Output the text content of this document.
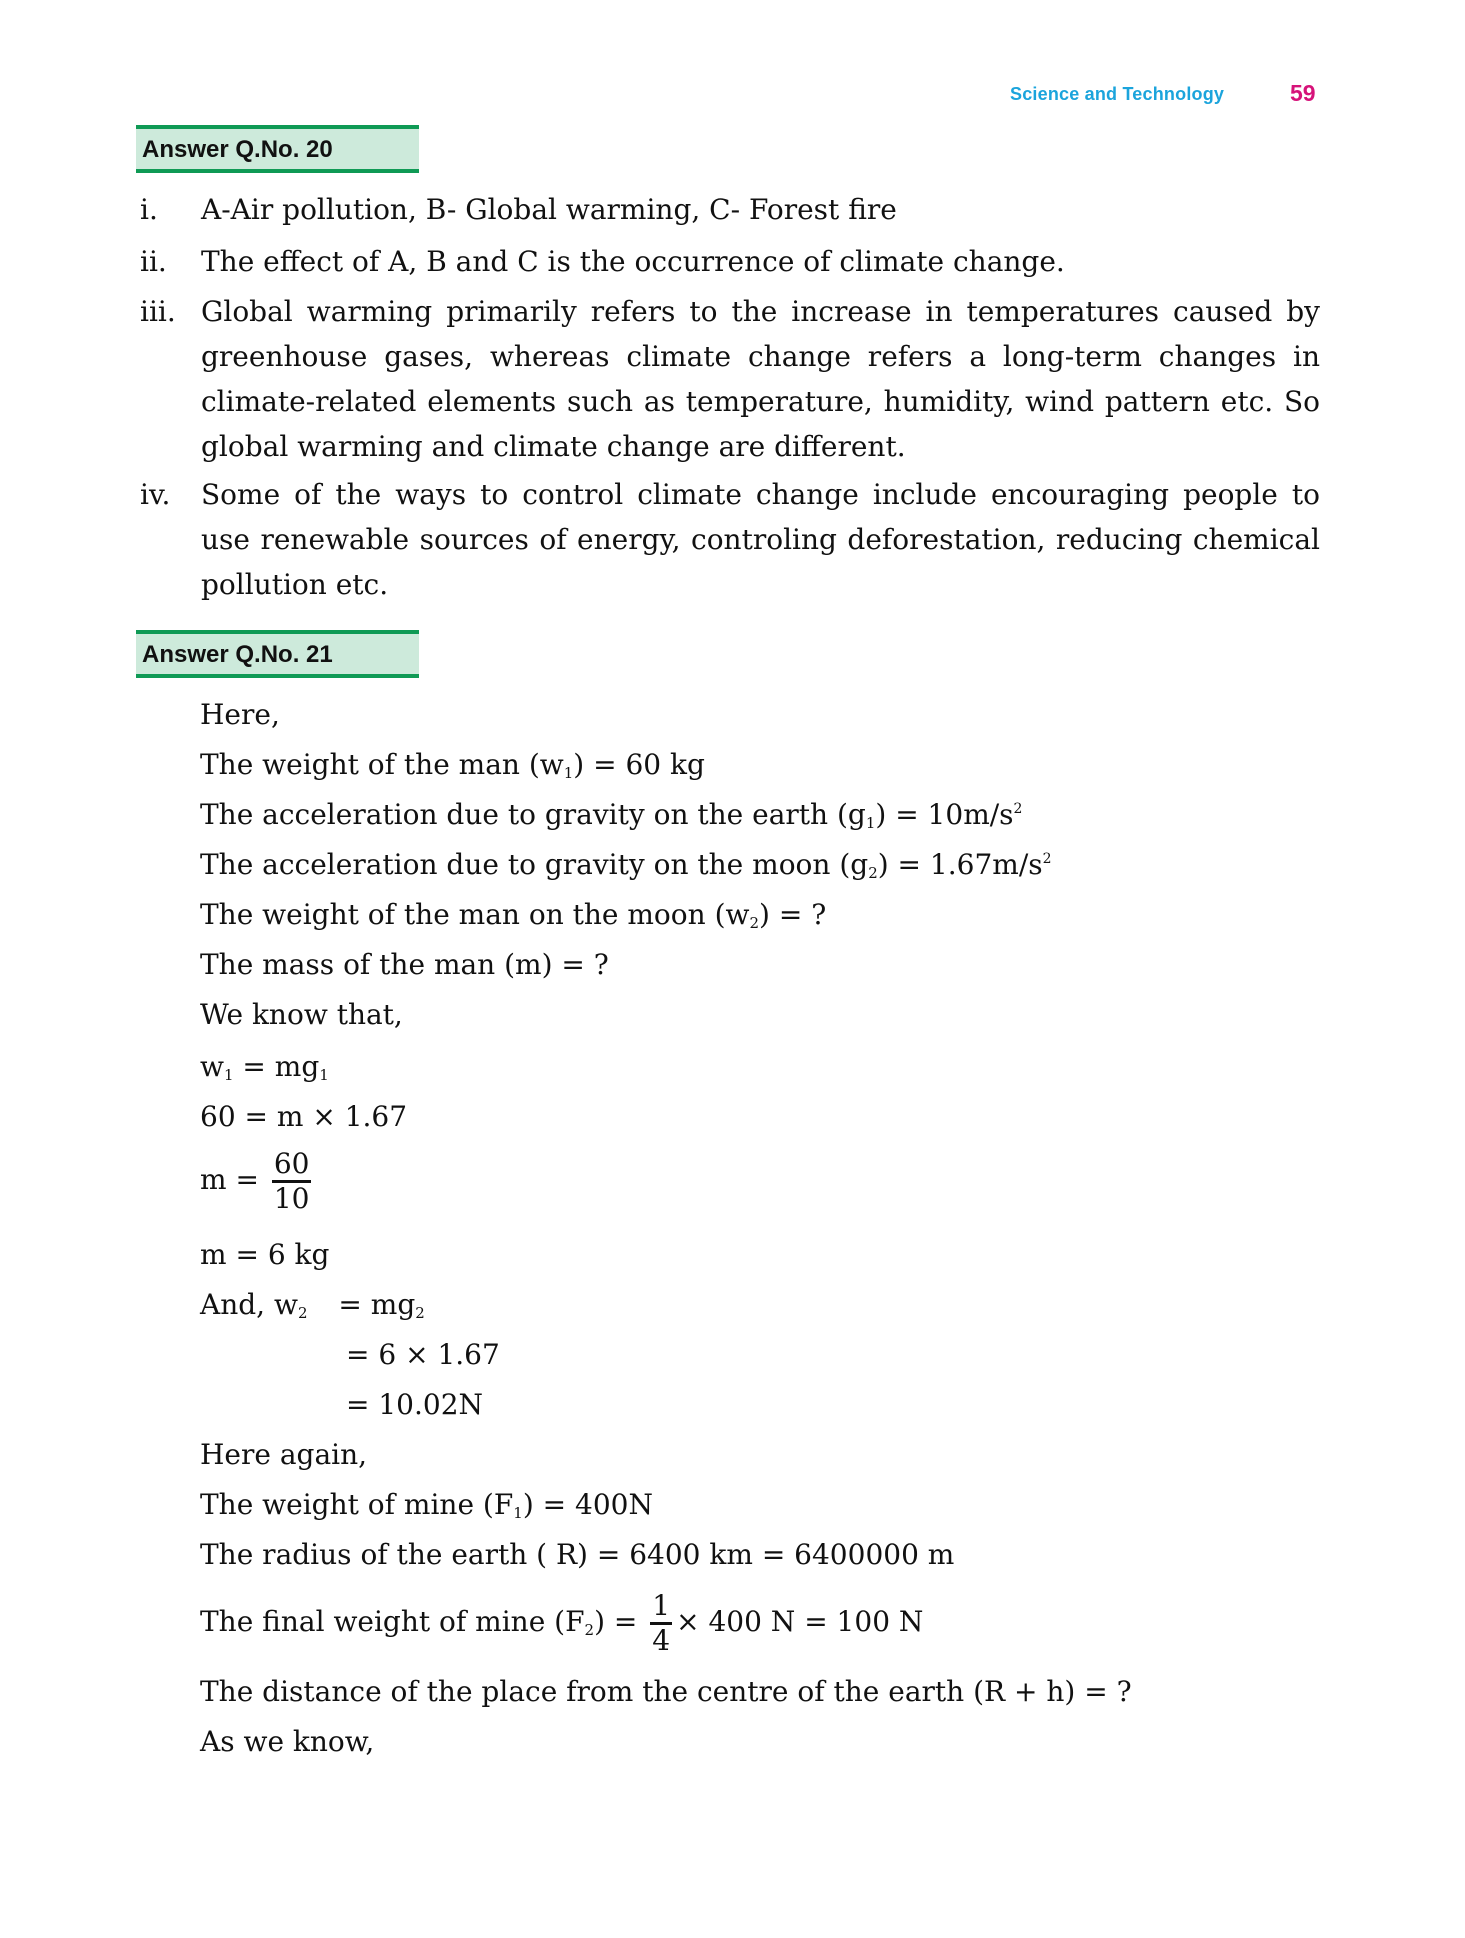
Science and Technology	59
Answer Q.No. 20
i. A-Air pollution, B- Global warming, C- Forest fire
ii. The effect of A, B and C is the occurrence of climate change.
iii. Global warming primarily refers to the increase in temperatures caused by greenhouse gases, whereas climate change refers a long-term changes in climate-related elements such as temperature, humidity, wind pattern etc. So global warming and climate change are different.
iv. Some of the ways to control climate change include encouraging people to use renewable sources of energy, controling deforestation, reducing chemical pollution etc.
Answer Q.No. 21
Here,
The weight of the man $(w_1) = 60$ kg
The acceleration due to gravity on the earth $(g_1) = 10m/s^2$
The acceleration due to gravity on the moon $(g_2) = 1.67m/s^2$
The weight of the man on the moon $(w_2)$ = ?
The mass of the man (m) = ?
We know that,
$w_1 = mg_1$
60 = m × 1.67
$m = \frac{60}{10}$
m = 6 kg
And, $w_2 = mg_2$
= 6 × 1.67
= 10.02N
Here again,
The weight of mine $(F_1) = 400N$
The radius of the earth ( R) = 6400 km = 6400000 m
The final weight of mine $(F_2) = \frac{1}{4} \times 400$ N = 100 N
The distance of the place from the centre of the earth (R + h) = ?
As we know,
